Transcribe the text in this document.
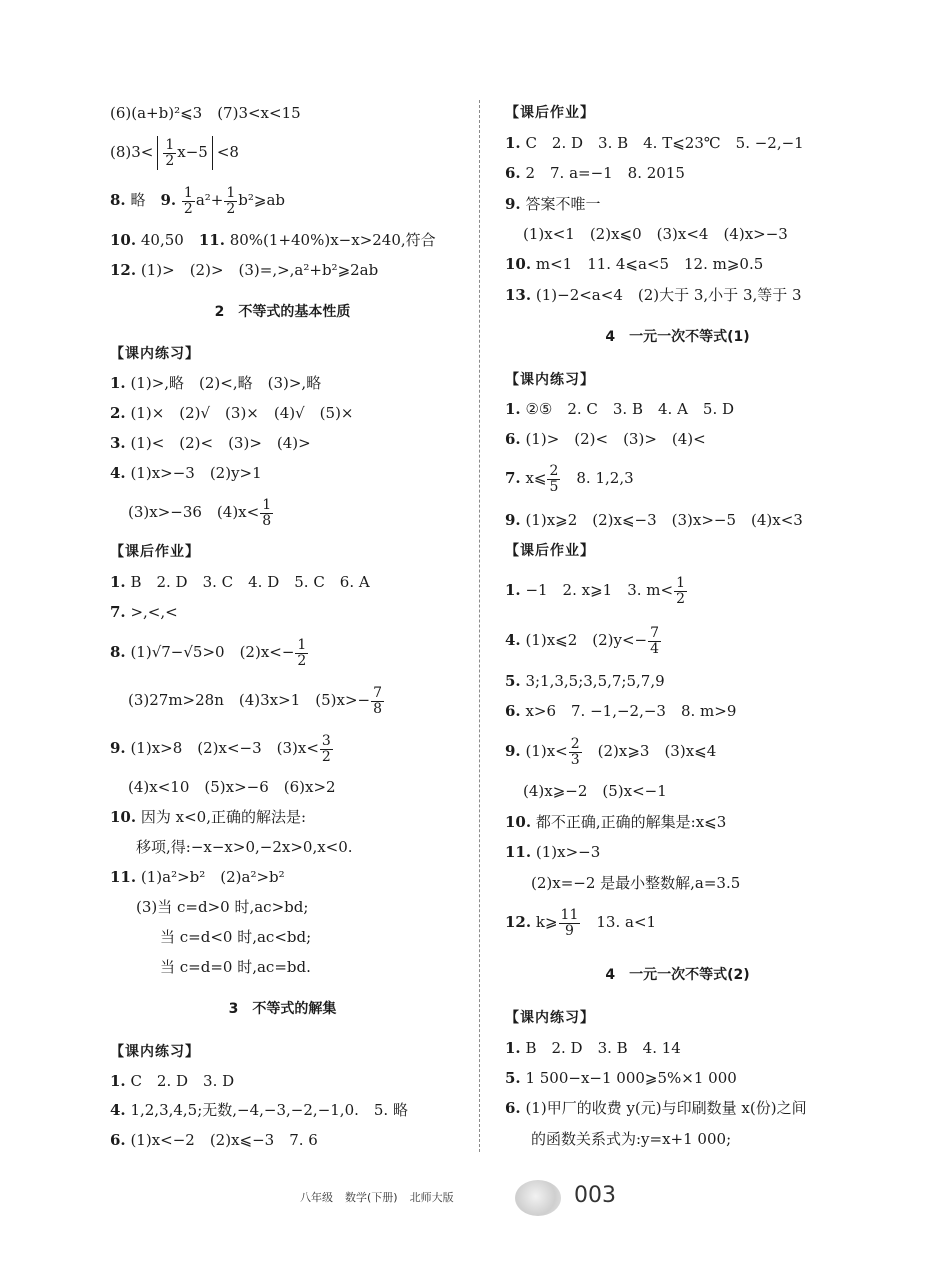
(6)(a+b)²⩽3　(7)3<x<15
$(8)3< \frac{1}{2} x-5 <8$
8. 略　9. $\frac{1}{2} a^2+ \frac{1}{2}$ b²⩾ab
10. 40,50　11. 80%(1+40%)x−x>240,符合
12. (1)>　(2)>　(3)=,>,a²+b²⩾2ab
2　不等式的基本性质
【课内练习】
1. (1)>,略　(2)<,略　(3)>,略
2. (1)×　(2)√　(3)×　(4)√　(5)×
3. (1)<　(2)<　(3)>　(4)>
4. (1)x>−3　(2)y>1
(3)x>−36　$(4)x< \frac{1}{8}$
【课后作业】
1. B　2. D　3. C　4. D　5. C　6. A
7. >,<,<
8. (1)√7−√5>0　$(2)x<- \frac{1}{2}$
(3)27m>28n　(4)3x>1　$(5)x>- \frac{7}{8}$
9. (1)x>8　(2)x<−3　$(3)x< \frac{3}{2}$
(4)x<10　(5)x>−6　(6)x>2
10. 因为 x<0,正确的解法是:
移项,得:−x−x>0,−2x>0,x<0.
11. (1)a²>b²　(2)a²>b²
(3)当 c=d>0 时,ac>bd;
当 c=d<0 时,ac<bd;
当 c=d=0 时,ac=bd.
3　不等式的解集
【课内练习】
1. C　2. D　3. D
4. 1,2,3,4,5;无数,−4,−3,−2,−1,0.　5. 略
6. (1)x<−2　(2)x⩽−3　7. 6
【课后作业】
1. C　2. D　3. B　4. T⩽23℃　5. −2,−1
6. 2　7. a=−1　8. 2015
9. 答案不唯一
(1)x<1　(2)x⩽0　(3)x<4　(4)x>−3
10. m<1　11. 4⩽a<5　12. m⩾0.5
13. (1)−2<a<4　(2)大于 3,小于 3,等于 3
4　一元一次不等式(1)
【课内练习】
1. ②⑤　2. C　3. B　4. A　5. D
6. (1)>　(2)<　(3)>　(4)<
7. x⩽ $\frac{2}{5}$ 　8. 1,2,3
9. (1)x⩾2　(2)x⩽−3　(3)x>−5　(4)x<3
【课后作业】
1. −1　2. x⩾1　3. $m< \frac{1}{2}$
4. (1)x⩽2　$(2)y<- \frac{7}{4}$
5. 3;1,3,5;3,5,7;5,7,9
6. x>6　7. −1,−2,−3　8. m>9
9. $(1)x< \frac{2}{3}$ 　(2)x⩾3　(3)x⩽4
(4)x⩾−2　(5)x<−1
10. 都不正确,正确的解集是:x⩽3
11. (1)x>−3
(2)x=−2 是最小整数解,a=3.5
12. k⩾ $\frac{11}{9}$ 　13. a<1
4　一元一次不等式(2)
【课内练习】
1. B　2. D　3. B　4. 14
5. 1 500−x−1 000⩾5%×1 000
6. (1)甲厂的收费 y(元)与印刷数量 x(份)之间
的函数关系式为:y=x+1 000;
八年级 数学(下册) 北师大版	003
